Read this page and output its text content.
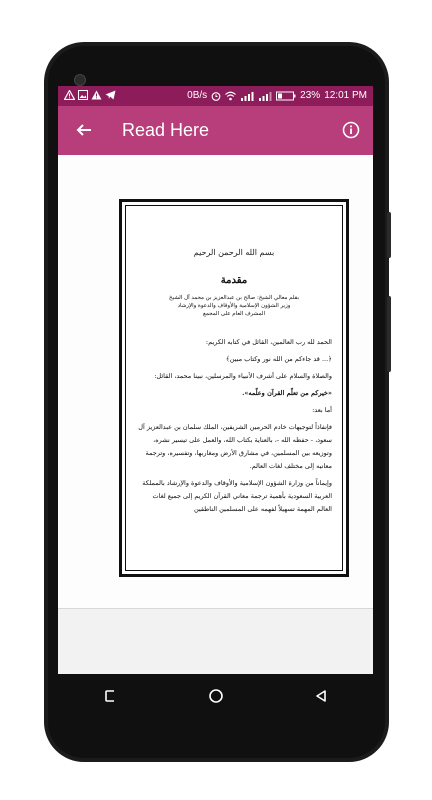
0B/s	23% 12:01 PM
Read Here
بسم الله الرحمن الرحيم
مقدمة
بقلم معالي الشيخ: صالح بن عبدالعزيز بن محمد آل الشيخ
وزير الشؤون الإسلامية والأوقاف والدعوة والإرشاد
المشرف العام على المجمع
الحمد لله رب العالمين، القائل في كتابه الكريم:
﴿... قد جاءكم من الله نور وكتاب مبين﴾
والصلاة والسلام على أشرف الأنبياء والمرسلين، نبينا محمد، القائل:
«خيركم من تعلّم القرآن وعلّمه».
أما بعد:
فإنفاذاً لتوجيهات خادم الحرمين الشريفين، الملك سلمان بن عبدالعزيز آل سعود، - حفظه الله -، بالعناية بكتاب الله، والعمل على تيسير نشره، وتوزيعه بين المسلمين، في مشارق الأرض ومغاربها، وتفسيره، وترجمة معانيه إلى مختلف لغات العالم.
وإيماناً من وزارة الشؤون الإسلامية والأوقاف والدعوة والإرشاد بالمملكة العربية السعودية بأهمية ترجمة معاني القرآن الكريم إلى جميع لغات العالم المهمة تسهيلاً لفهمه على المسلمين الناطقين
